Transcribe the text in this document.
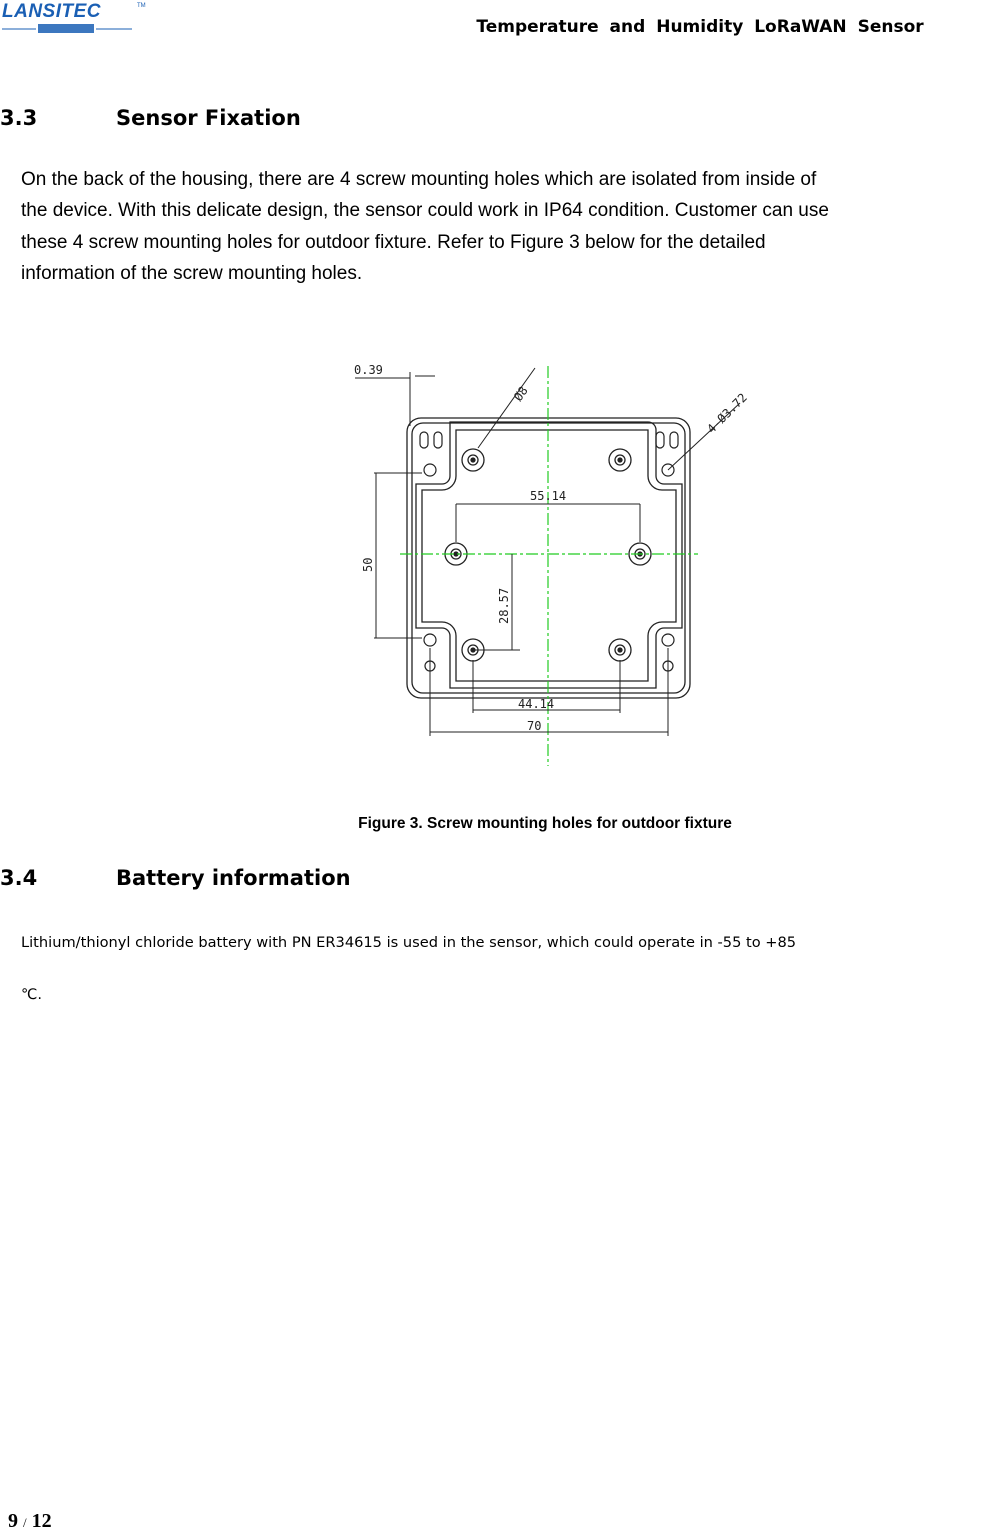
LANSITEC	TM
Temperature and Humidity LoRaWAN Sensor
3.3	Sensor Fixation
On the back of the housing, there are 4 screw mounting holes which are isolated from inside of
the device. With this delicate design, the sensor could work in IP64 condition. Customer can use
these 4 screw mounting holes for outdoor fixture. Refer to Figure 3 below for the detailed
information of the screw mounting holes.
0.39
Ø8	4-Ø3.72
55.14
50
28.57
44.14
70
Figure 3. Screw mounting holes for outdoor fixture
3.4	Battery information
Lithium/thionyl chloride battery with PN ER34615 is used in the sensor, which could operate in -55 to +85
℃.
9 / 12
